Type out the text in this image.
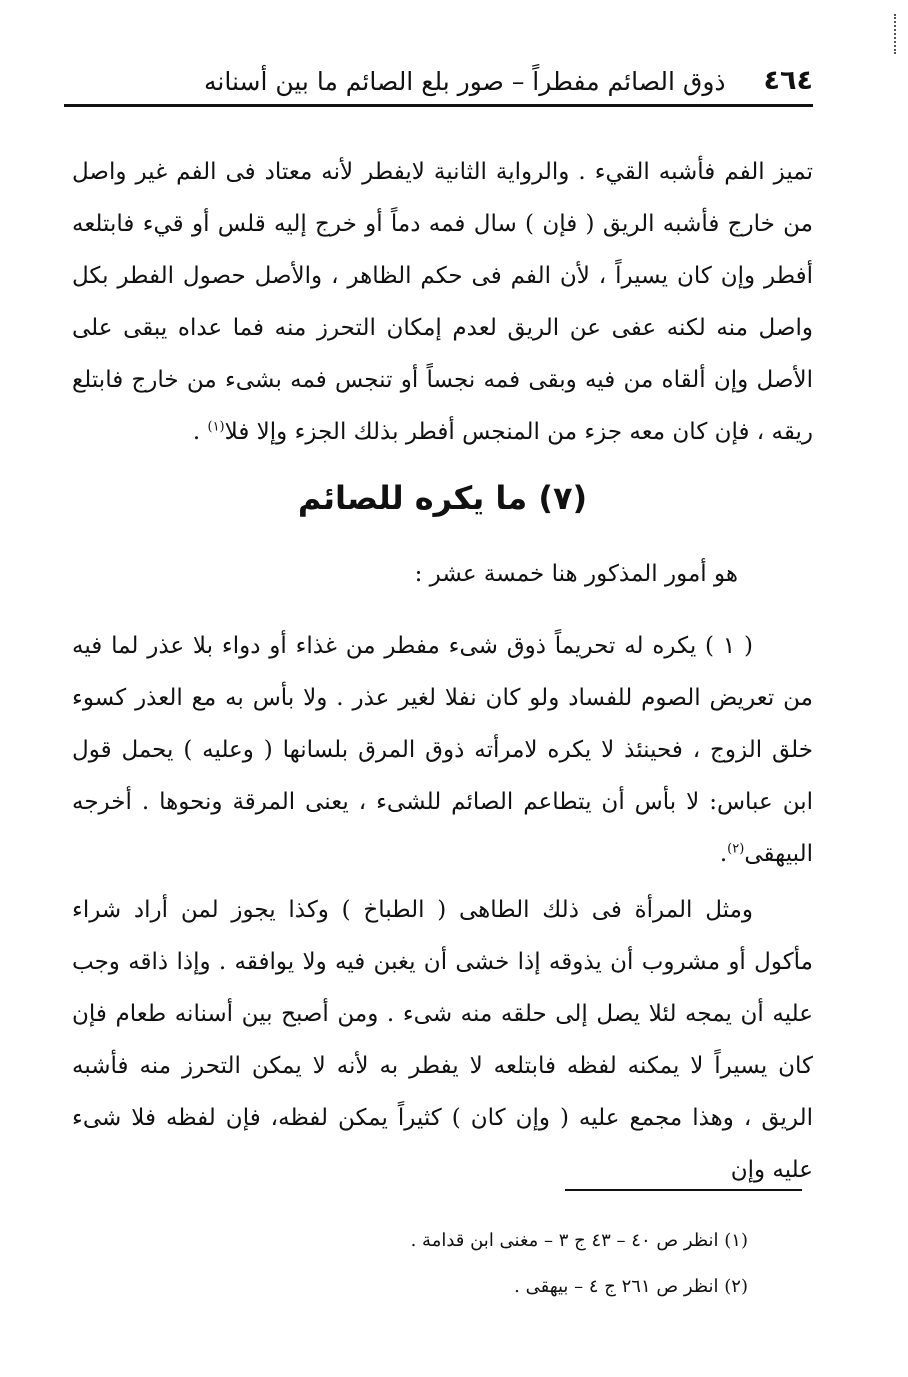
٤٦٤
ذوق الصائم مفطراً – صور بلع الصائم ما بين أسنانه

تميز الفم فأشبه القيء . والرواية الثانية لايفطر لأنه معتاد فى الفم غير واصل من خارج فأشبه الريق ( فإن ) سال فمه دماً أو خرج إليه قلس أو قيء فابتلعه أفطر وإن كان يسيراً ، لأن الفم فى حكم الظاهر ، والأصل حصول الفطر بكل واصل منه لكنه عفى عن الريق لعدم إمكان التحرز منه فما عداه يبقى على الأصل وإن ألقاه من فيه وبقى فمه نجساً أو تنجس فمه بشىء من خارج فابتلع ريقه ، فإن كان معه جزء من المنجس أفطر بذلك الجزء وإلا فلا$^{(١)}$ .

(٧) ما يكره للصائم
هو أمور المذكور هنا خمسة عشر :

( ١ ) يكره له تحريماً ذوق شىء مفطر من غذاء أو دواء بلا عذر لما فيه من تعريض الصوم للفساد ولو كان نفلا لغير عذر . ولا بأس به مع العذر كسوء خلق الزوج ، فحينئذ لا يكره لامرأته ذوق المرق بلسانها ( وعليه ) يحمل قول ابن عباس: لا بأس أن يتطاعم الصائم للشىء ، يعنى المرقة ونحوها . أخرجه البيهقى$^{(٢)}$.

ومثل المرأة فى ذلك الطاهى ( الطباخ ) وكذا يجوز لمن أراد شراء مأكول أو مشروب أن يذوقه إذا خشى أن يغبن فيه ولا يوافقه . وإذا ذاقه وجب عليه أن يمجه لئلا يصل إلى حلقه منه شىء . ومن أصبح بين أسنانه طعام فإن كان يسيراً لا يمكنه لفظه فابتلعه لا يفطر به لأنه لا يمكن التحرز منه فأشبه الريق ، وهذا مجمع عليه ( وإن كان ) كثيراً يمكن لفظه، فإن لفظه فلا شىء عليه وإن

(١) انظر ص ٤٠ – ٤٣ ج ٣ – مغنى ابن قدامة .

(٢) انظر ص ٢٦١ ج ٤ – بيهقى .
